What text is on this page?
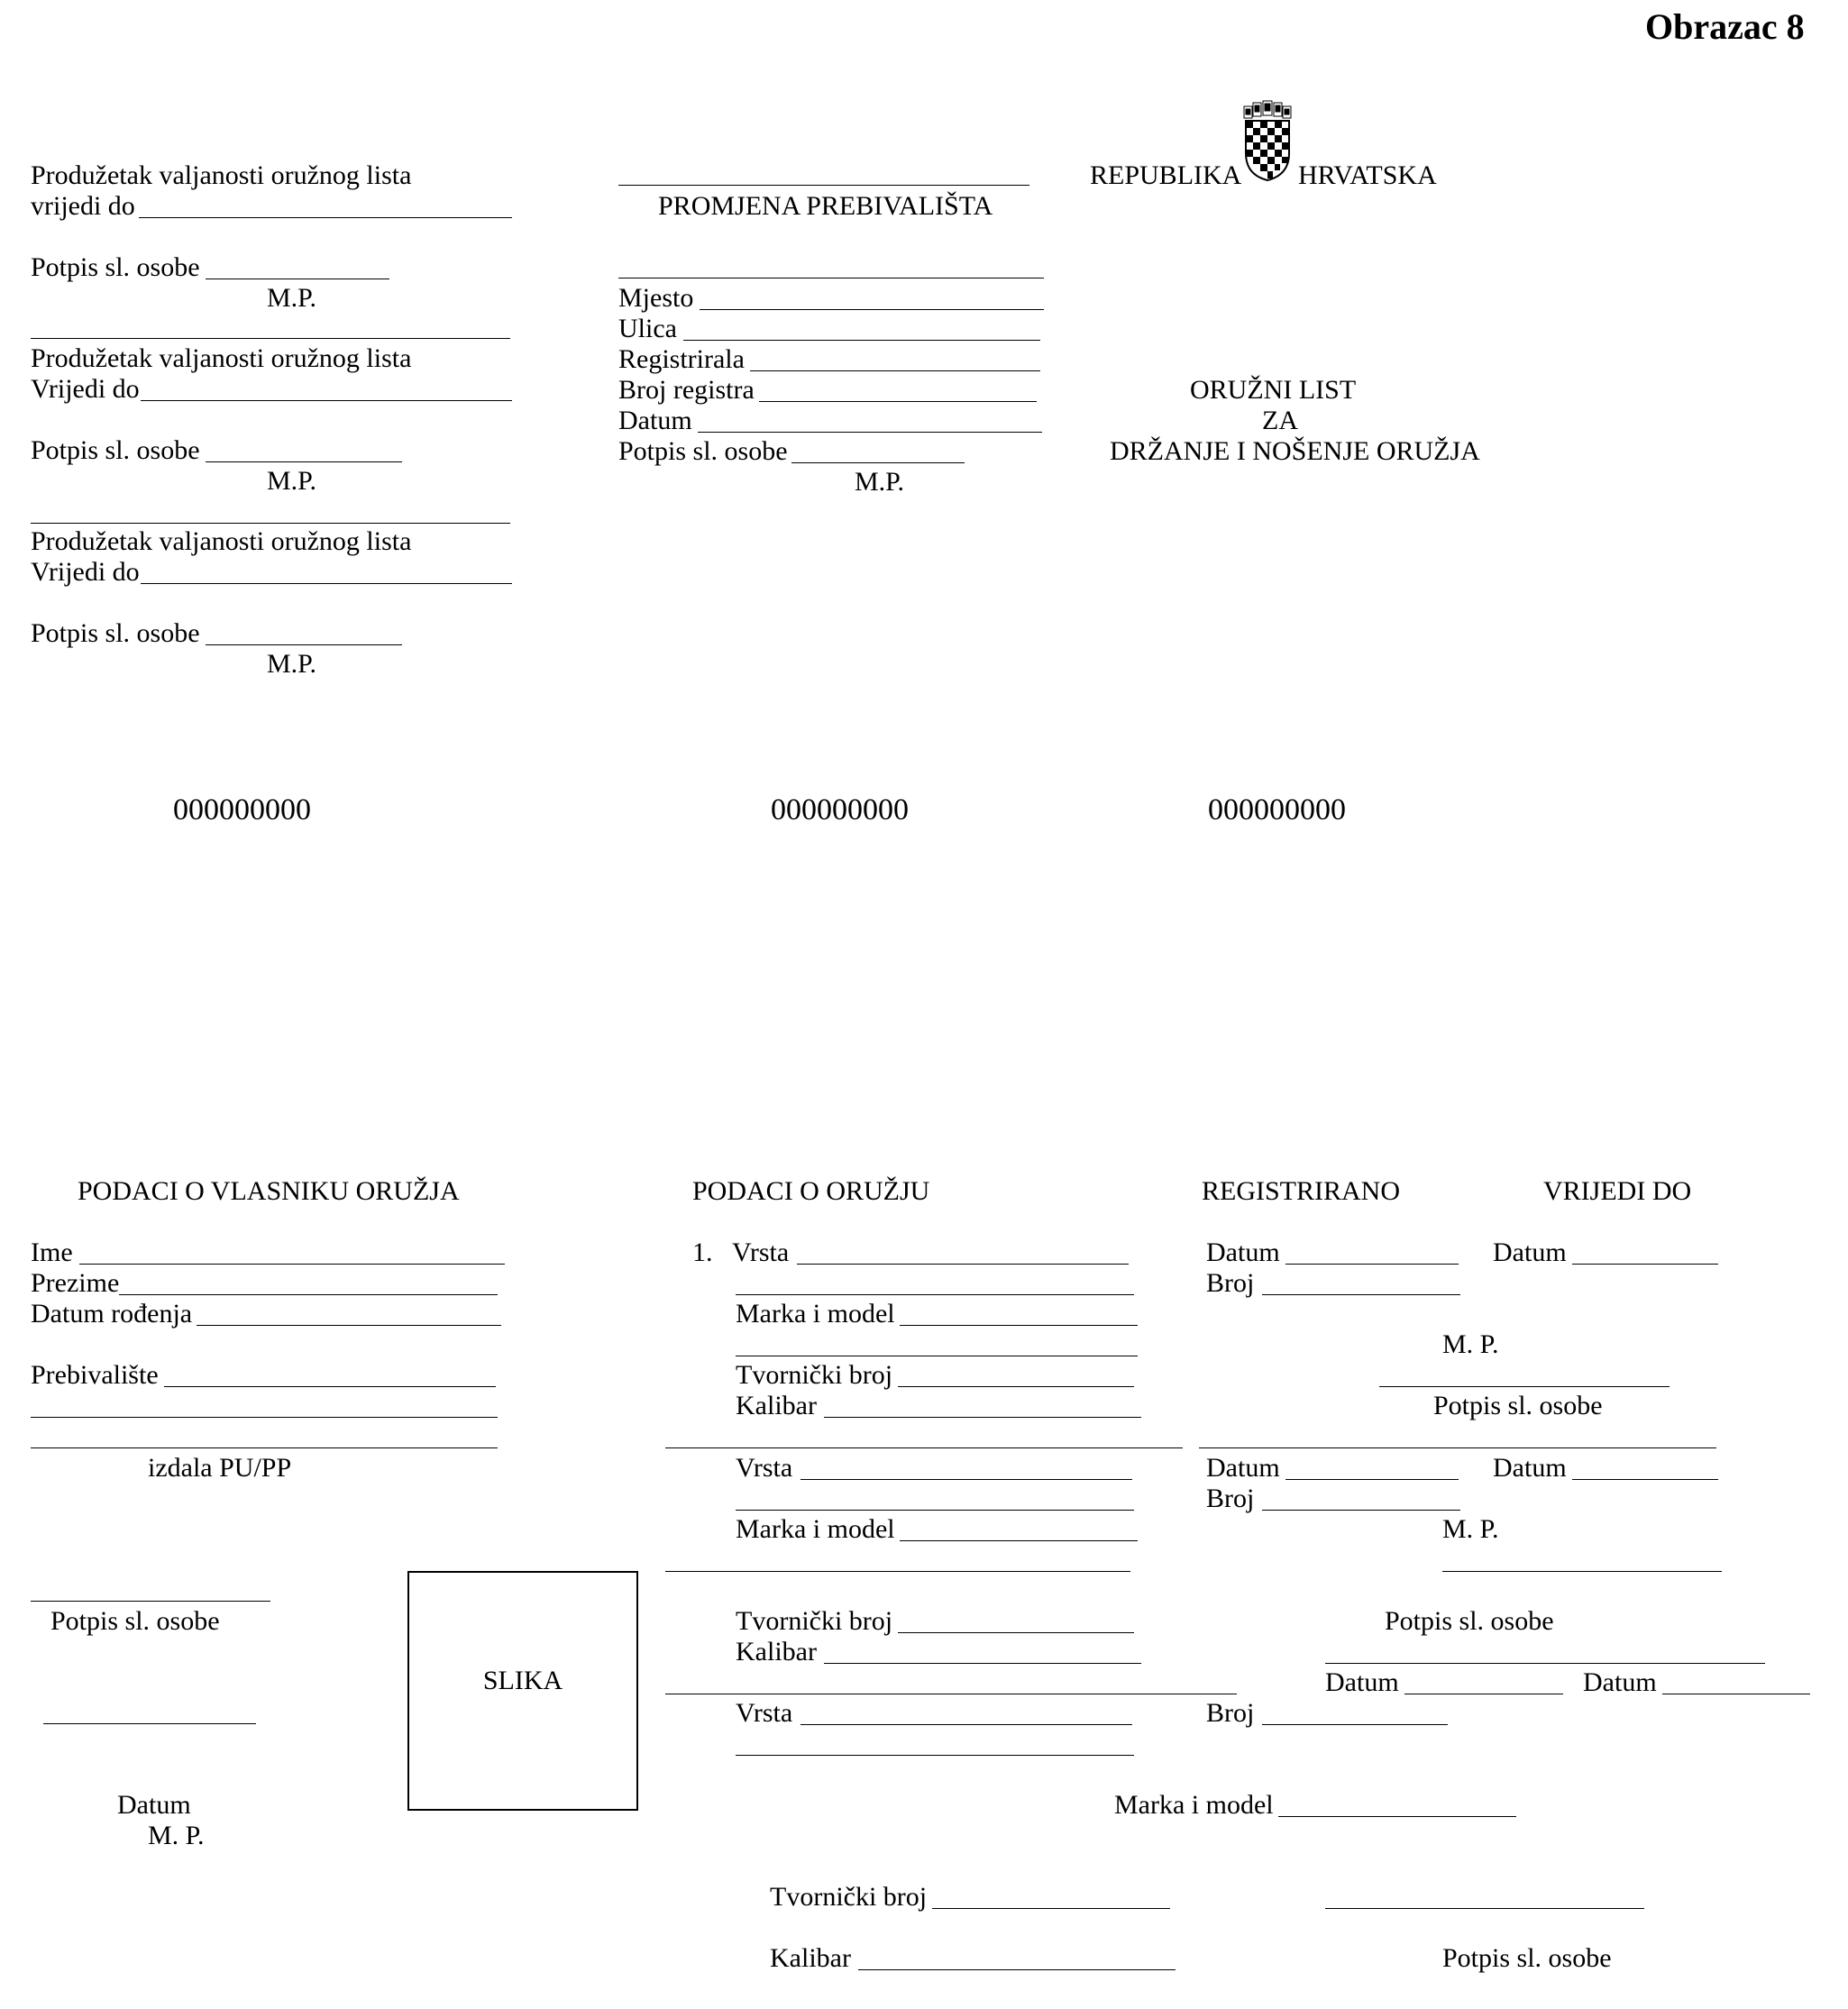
Obrazac 8
Produžetak valjanosti oružnog lista
vrijedi do
Potpis sl. osobe
M.P.
Produžetak valjanosti oružnog lista
Vrijedi do
Potpis sl. osobe
M.P.
Produžetak valjanosti oružnog lista
Vrijedi do
Potpis sl. osobe
M.P.
PROMJENA PREBIVALIŠTA
Mjesto
Ulica
Registrirala
Broj registra
Datum
Potpis sl. osobe
M.P.
REPUBLIKA HRVATSKA
ORUŽNI LIST
ZA
DRŽANJE I NOŠENJE ORUŽJA
000000000	000000000	000000000
PODACI O VLASNIKU ORUŽJA
Ime
Prezime
Datum rođenja
Prebivalište
izdala PU/PP
Potpis sl. osobe
Datum
M. P.
SLIKA
PODACI O ORUŽJU
1. Vrsta
Marka i model
Tvornički broj
Kalibar
Vrsta
Marka i model
Tvornički broj
Kalibar
Vrsta
Marka i model
Tvornički broj
Kalibar
REGISTRIRANO	VRIJEDI DO
Datum	Datum
Broj
M. P.
Potpis sl. osobe
Datum	Datum
Broj
M. P.
Potpis sl. osobe
Datum	Datum
Broj
Potpis sl. osobe
